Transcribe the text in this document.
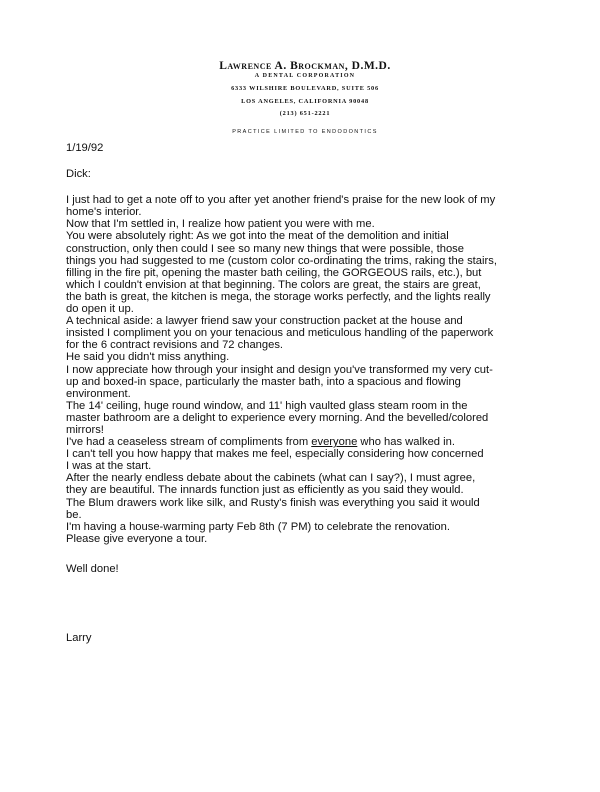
Lawrence A. Brockman, D.M.D.

A DENTAL CORPORATION

6333 WILSHIRE BOULEVARD, SUITE 506

LOS ANGELES, CALIFORNIA 90048

(213) 651-2221

PRACTICE LIMITED TO ENDODONTICS

1/19/92

Dick:

I just had to get a note off to you after yet another friend's praise for the new look of my
home's interior.
Now that I'm settled in, I realize how patient you were with me.
You were absolutely right: As we got into the meat of the demolition and initial
construction, only then could I see so many new things that were possible, those
things you had suggested to me (custom color co-ordinating the trims, raking the stairs,
filling in the fire pit, opening the master bath ceiling, the GORGEOUS rails, etc.), but
which I couldn't envision at that beginning. The colors are great, the stairs are great,
the bath is great, the kitchen is mega, the storage works perfectly, and the lights really
do open it up.
A technical aside: a lawyer friend saw your construction packet at the house and
insisted I compliment you on your tenacious and meticulous handling of the paperwork
for the 6 contract revisions and 72 changes.
He said you didn't miss anything.
I now appreciate how through your insight and design you've transformed my very cut-
up and boxed-in space, particularly the master bath, into a spacious and flowing
environment.
The 14' ceiling, huge round window, and 11' high vaulted glass steam room in the
master bathroom are a delight to experience every morning. And the bevelled/colored
mirrors!
I've had a ceaseless stream of compliments from everyone who has walked in.
I can't tell you how happy that makes me feel, especially considering how concerned
I was at the start.
After the nearly endless debate about the cabinets (what can I say?), I must agree,
they are beautiful. The innards function just as efficiently as you said they would.
The Blum drawers work like silk, and Rusty's finish was everything you said it would
be.
I'm having a house-warming party Feb 8th (7 PM) to celebrate the renovation.
Please give everyone a tour.

Well done!

Larry
